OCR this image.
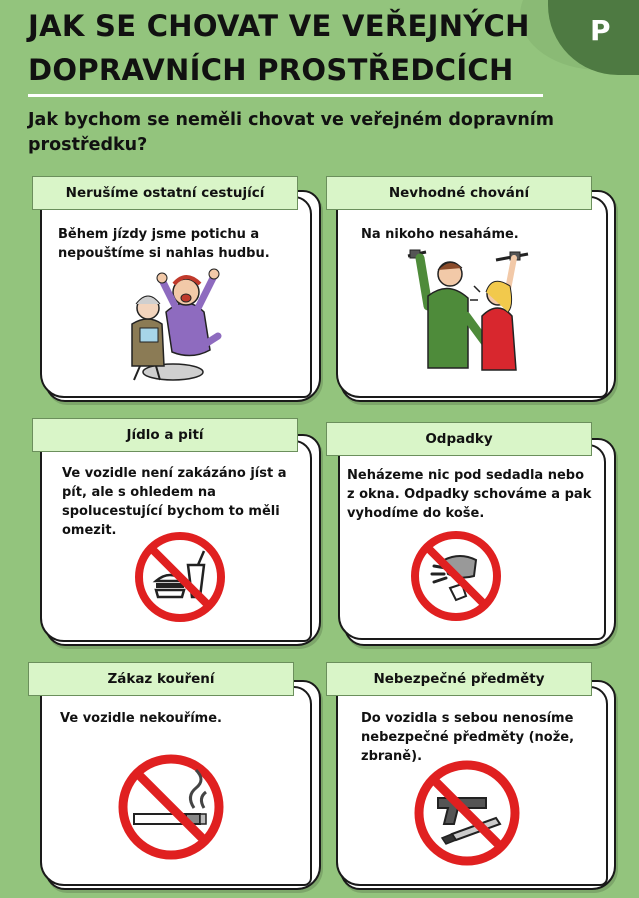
P
JAK SE CHOVAT VE VEŘEJNÝCH
DOPRAVNÍCH PROSTŘEDCÍCH

Jak bychom se neměli chovat ve veřejném dopravním prostředku?

Nerušíme ostatní cestující
Během jízdy jsme potichu a nepouštíme si nahlas hudbu.
Nevhodné chování
Na nikoho nesaháme.
Jídlo a pití
Ve vozidle není zakázáno jíst a pít, ale s ohledem na spolucestující bychom to měli omezit.
Odpadky
Neházeme nic pod sedadla nebo z okna. Odpadky schováme a pak vyhodíme do koše.
Zákaz kouření
Ve vozidle nekouříme.
Nebezpečné předměty
Do vozidla s sebou nenosíme nebezpečné předměty (nože, zbraně).
